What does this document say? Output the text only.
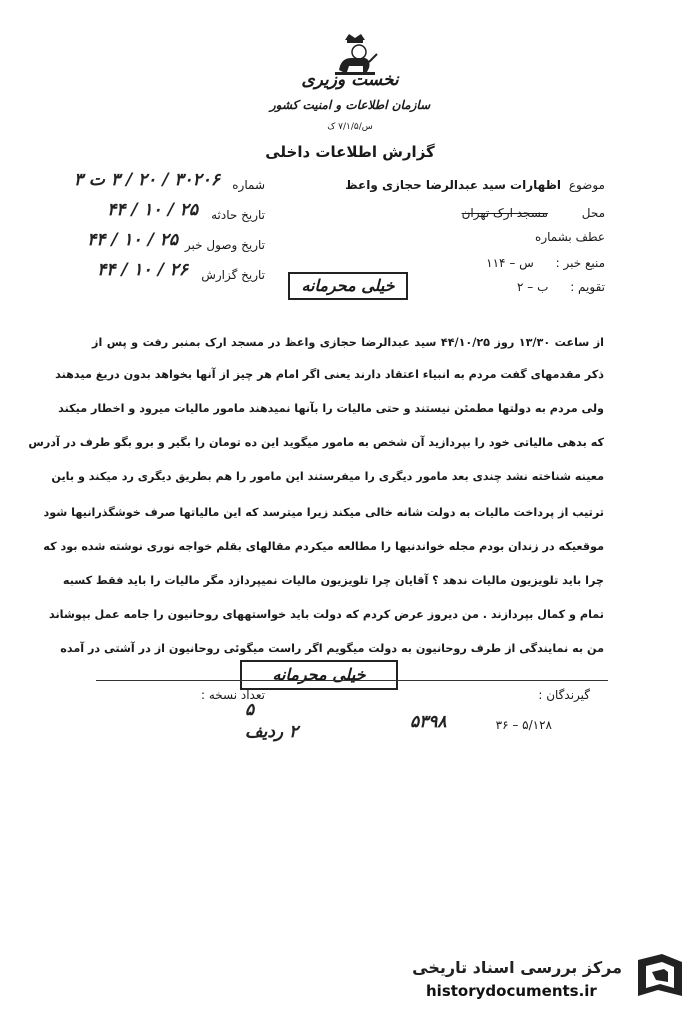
نخست وزیری
سازمان اطلاعات و امنیت کشور
س/۷/۱/۵ ک
گزارش اطلاعات داخلی
موضوع اظهارات سید عبدالرضا حجازی واعظ
محل مسجد ارک تهران
عطف بشماره
منبع خبر : س – ۱۱۴
تقویم : ب – ۲
شماره
۳۰۲۰۶ / ۲۰ / ۳ ت ۳
تاریخ حادثه
۲۵ / ۱۰ / ۴۴
تاریخ وصول خبر
۲۵ / ۱۰ / ۴۴
تاریخ گزارش
۲۶ / ۱۰ / ۴۴
خیلی محرمانه
از ساعت ۱۳/۳۰ روز ۴۴/۱۰/۲۵ سید عبدالرضا حجازی واعظ در مسجد ارک بمنبر رفت و پس از
ذکر مقدمهای گفت مردم به انبیاء اعتقاد دارند یعنی اگر امام هر چیز از آنها بخواهد بدون دریغ میدهند
ولی مردم به دولتها مطمئن نیستند و حتی مالیات را بآنها نمیدهند مامور مالیات میرود و اخطار میکند
که بدهی مالیاتی خود را بپردازید آن شخص به مامور میگوید این ده تومان را بگیر و برو بگو طرف در آدرس
معینه شناخته نشد چندی بعد مامور دیگری را میفرستند این مامور را هم بطریق دیگری رد میکند و باین
ترتیب از پرداخت مالیات به دولت شانه خالی میکند زیرا میترسد که این مالیاتها صرف خوشگذرانیها شود
موقعیکه در زندان بودم مجله خواندنیها را مطالعه میکردم مقالهای بقلم خواجه نوری نوشته شده بود که
چرا باید تلویزیون مالیات ندهد ؟ آقایان چرا تلویزیون مالیات نمیپردازد مگر مالیات را باید فقط کسبه
تمام و کمال بپردازند . من دیروز عرض کردم که دولت باید خواستههای روحانیون را جامه عمل بپوشاند
من به نمایندگی از طرف روحانیون به دولت میگویم اگر راست میگوئی روحانیون از در آشتی در آمده
خیلی محرمانه
گیرندگان :
تعداد نسخه :
۵
۲ ردیف	۵۳۹۸	۵/۱۲۸ – ۳۶
مرکز بررسی اسناد تاریخی
historydocuments.ir
